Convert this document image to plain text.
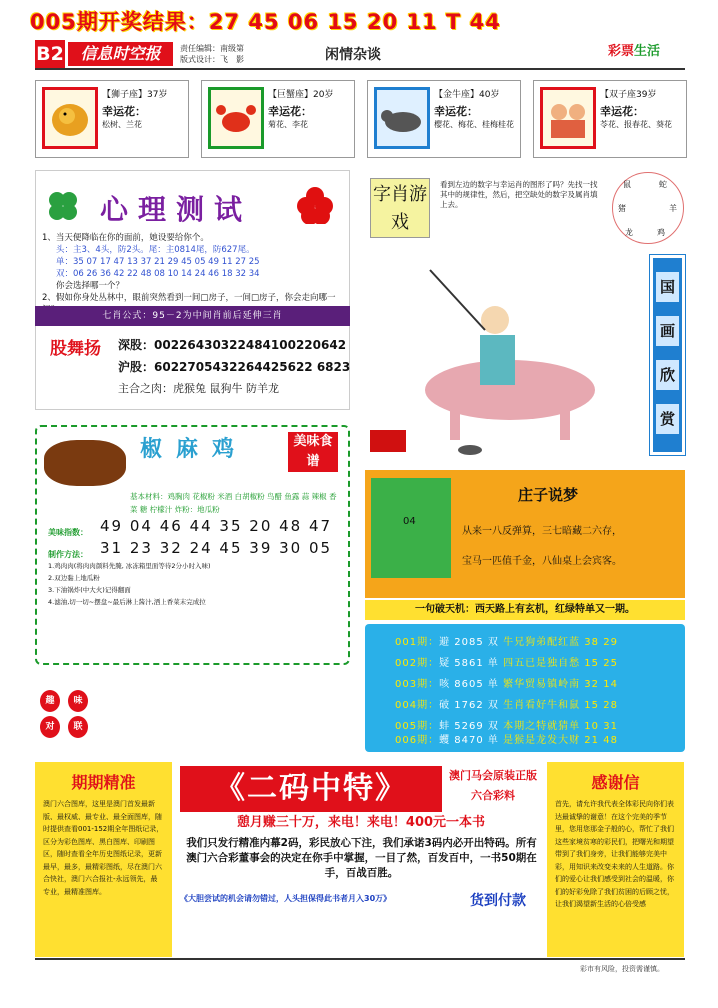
005期开奖结果：27 45 06 15 20 11 T 44
B2	信息时空报	责任编辑：南级第
版式设计：飞　影	闲情杂谈	彩票生活
【狮子座】37岁
幸运花：
松树、兰花
【巨蟹座】20岁
幸运花：
菊花、李花
【金牛座】40岁
幸运花：
樱花、梅花、桂梅桂花
【双子座39岁
幸运花：
苓花、报春花、葵花
心理测试
1、当天便降临在你的面前，她设要给你个。
头：主3、4头，防2头。尾：主0814尾，防627尾。
单：35 07 17 47 13 37 21 29 45 05 49 11 27 25
双：06 26 36 42 22 48 08 10 14 24 46 18 32 34
你会选择哪一个？
2、假如你身处丛林中，眼前突然看到一间□房子，一间□房子，你会走向哪一
七肖公式：95－2为中间肖前后延伸三肖
股舞扬	深股：00226430322484100220642
沪股：6022705432264425622 6823
主合之肉：虎猴兔 鼠狗牛 防羊龙
字肖游戏
看到左边的数字与幸运肖的图形了吗？先找一找其中的规律性，然后，把空缺处的数字及属肖填上去。
鼠	蛇
猪	羊
龙	鸡
国
画
欣
赏
椒麻鸡	美味食谱
基本材料：鸡胸肉 花椒粉 米酒 白胡椒粉 鸟醋 鱼露 蒜 辣椒 香菜 糖 柠檬汁 炸粉：地瓜粉
美味指数：
制作方法：
49 04 46 44 35 20 48 47
31 23 32 24 45 39 30 05
1.鸡肉肉(将肉肉颜料先腌, 冰冻箱里面等待2分小时入味)
2.双边黏上地瓜粉
3.下油锅炸(中大火)记得翻面
4.滤油,切一切~摆盘~最后淋上酱汁,洒上香菜末完成拉
趣	味
对	联
04
庄子说梦
从来一八反弹算，三七暗藏二六存，
宝马一匹值千金，八仙桌上会宾客。
一句破天机：西天路上有玄机，红绿特单又一期。
001期：避 2085 双 牛兄狗弟配红蓝 38 29
002期：疑 5861 单 四五已是独自愁 15 25
003期：咳 8605 单 繁华贸易镇岭南 32 14
004期：破 1762 双 生肖看好牛和鼠 15 28
005期：蚌 5269 双 本期之特就猜单 10 31
006期：蠼 8470 单 是猴是龙发大财 21 48
期期精准
澳门六合图库，这里是澳门首发最新版、最权威、最专业、最全面图库，随时提供查看001-152期全年图纸记录，区分为彩色图库、黑白图库、印刷图区，随时查看全年历史图纸记录，更新最早，最多，最精彩图纸，尽在澳门六合快社，澳门六合报社-永远领先，最专业，最精准图库。
《二码中特》	澳门马会原装正版六合彩料
憩月赚三十万，来电！来电！400元一本书
我们只发行精准内幕2码，彩民放心下注，我们承诺3码内必开出特码。所有澳门六合彩董事会的决定在你手中掌握，一目了然，百发百中，一书50期在手，百战百胜。
《大胆尝试的机会请勿错过，人头担保得此书者月入30万》	货到付款
感谢信
首先，请允许我代表全体彩民向你们表达最诚挚的谢意！在这个完美的季节里，您用您那金子般的心，帮忙了我们这些家境贫寒的彩民们，把曙光和期望带到了我们身旁，让我们能够完美中彩，用知识来改变未来的人生道路。你们的爱心让我们感受到社会的温暖，你们的好彩免除了我们贫困的后顾之忧，让我们渴望新生活的心倍受感
彩市有风险，投资需谨慎。
